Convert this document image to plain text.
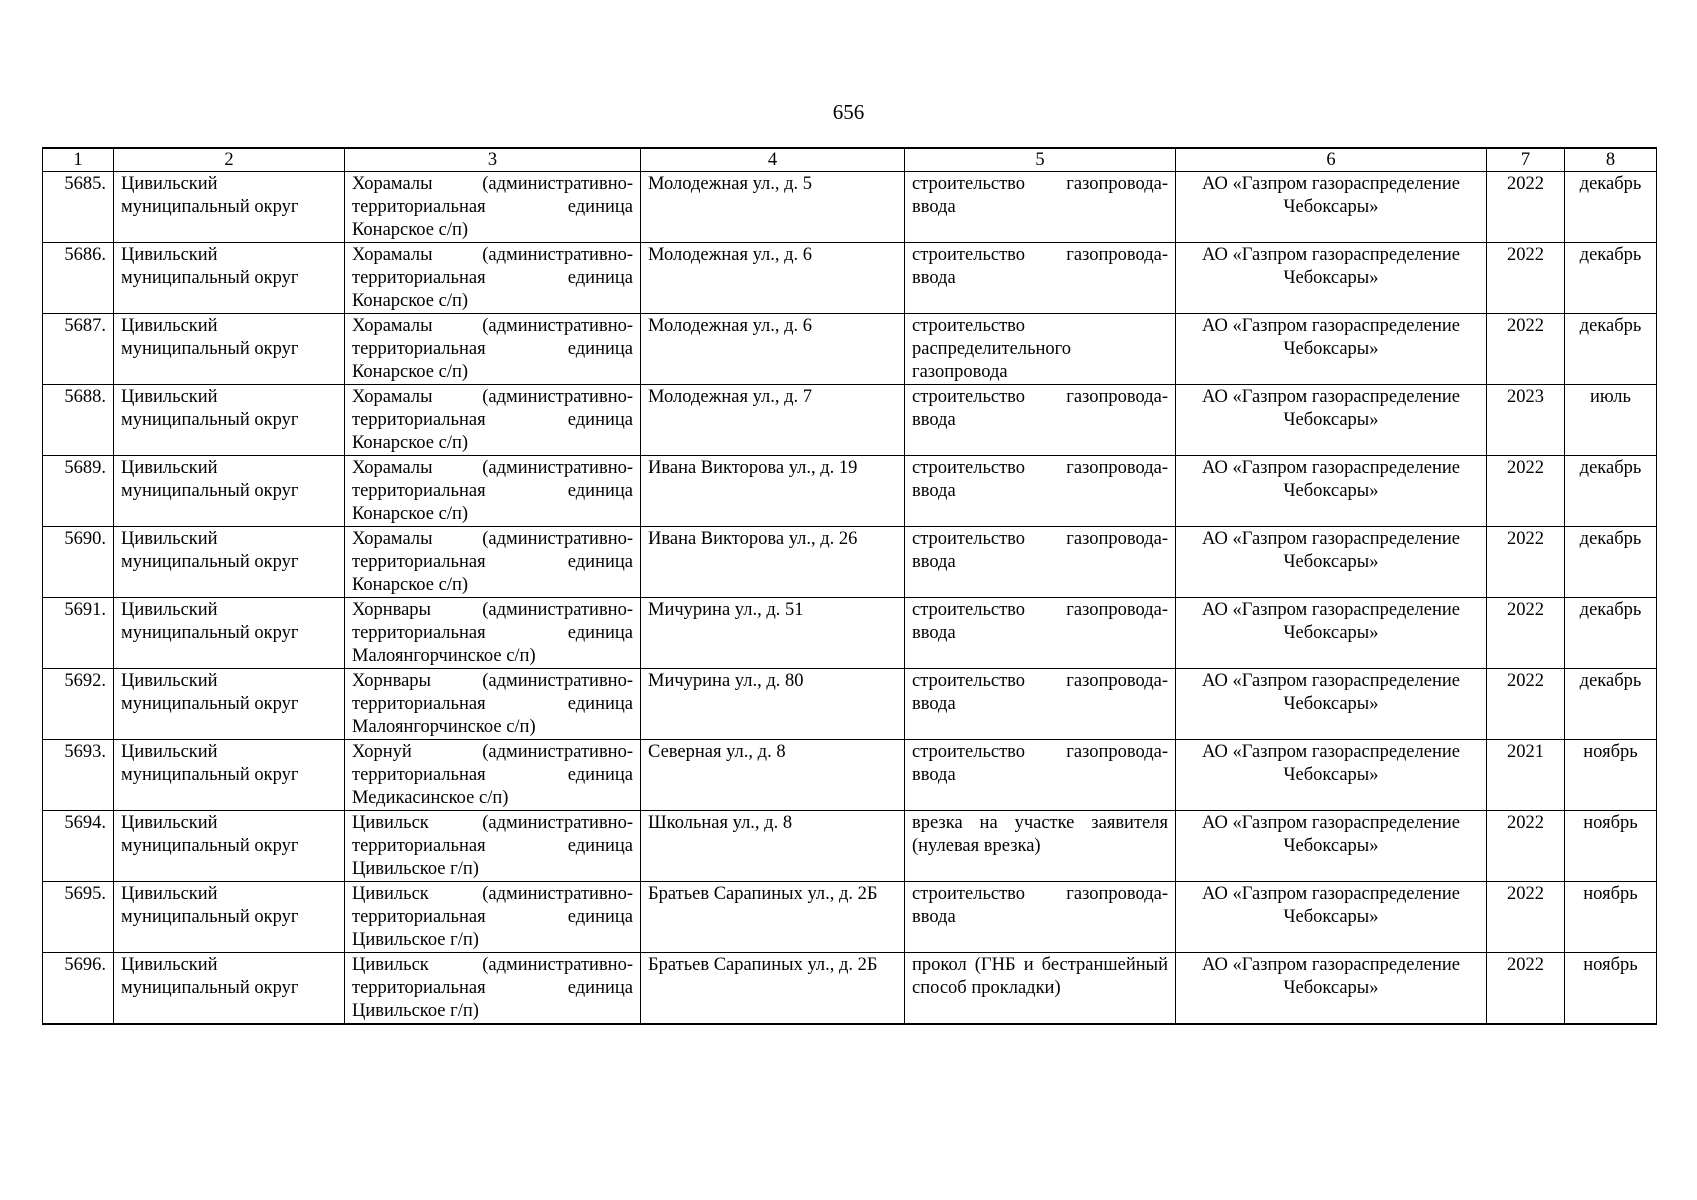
656
1	2	3	4	5	6	7	8
5685.	Цивильский муниципальный округ	Хорамалы (административно-территориальная единица Конарское с/п)	Молодежная ул., д. 5	строительство газопровода-ввода	АО «Газпром газораспределение Чебоксары»	2022	декабрь
5686.	Цивильский муниципальный округ	Хорамалы (административно-территориальная единица Конарское с/п)	Молодежная ул., д. 6	строительство газопровода-ввода	АО «Газпром газораспределение Чебоксары»	2022	декабрь
5687.	Цивильский муниципальный округ	Хорамалы (административно-территориальная единица Конарское с/п)	Молодежная ул., д. 6	строительство распределительного газопровода	АО «Газпром газораспределение Чебоксары»	2022	декабрь
5688.	Цивильский муниципальный округ	Хорамалы (административно-территориальная единица Конарское с/п)	Молодежная ул., д. 7	строительство газопровода-ввода	АО «Газпром газораспределение Чебоксары»	2023	июль
5689.	Цивильский муниципальный округ	Хорамалы (административно-территориальная единица Конарское с/п)	Ивана Викторова ул., д. 19	строительство газопровода-ввода	АО «Газпром газораспределение Чебоксары»	2022	декабрь
5690.	Цивильский муниципальный округ	Хорамалы (административно-территориальная единица Конарское с/п)	Ивана Викторова ул., д. 26	строительство газопровода-ввода	АО «Газпром газораспределение Чебоксары»	2022	декабрь
5691.	Цивильский муниципальный округ	Хорнвары (административно-территориальная единица Малоянгорчинское с/п)	Мичурина ул., д. 51	строительство газопровода-ввода	АО «Газпром газораспределение Чебоксары»	2022	декабрь
5692.	Цивильский муниципальный округ	Хорнвары (административно-территориальная единица Малоянгорчинское с/п)	Мичурина ул., д. 80	строительство газопровода-ввода	АО «Газпром газораспределение Чебоксары»	2022	декабрь
5693.	Цивильский муниципальный округ	Хорнуй (административно-территориальная единица Медикасинское с/п)	Северная ул., д. 8	строительство газопровода-ввода	АО «Газпром газораспределение Чебоксары»	2021	ноябрь
5694.	Цивильский муниципальный округ	Цивильск (административно-территориальная единица Цивильское г/п)	Школьная ул., д. 8	врезка на участке заявителя (нулевая врезка)	АО «Газпром газораспределение Чебоксары»	2022	ноябрь
5695.	Цивильский муниципальный округ	Цивильск (административно-территориальная единица Цивильское г/п)	Братьев Сарапиных ул., д. 2Б	строительство газопровода-ввода	АО «Газпром газораспределение Чебоксары»	2022	ноябрь
5696.	Цивильский муниципальный округ	Цивильск (административно-территориальная единица Цивильское г/п)	Братьев Сарапиных ул., д. 2Б	прокол (ГНБ и бестраншейный способ прокладки)	АО «Газпром газораспределение Чебоксары»	2022	ноябрь
